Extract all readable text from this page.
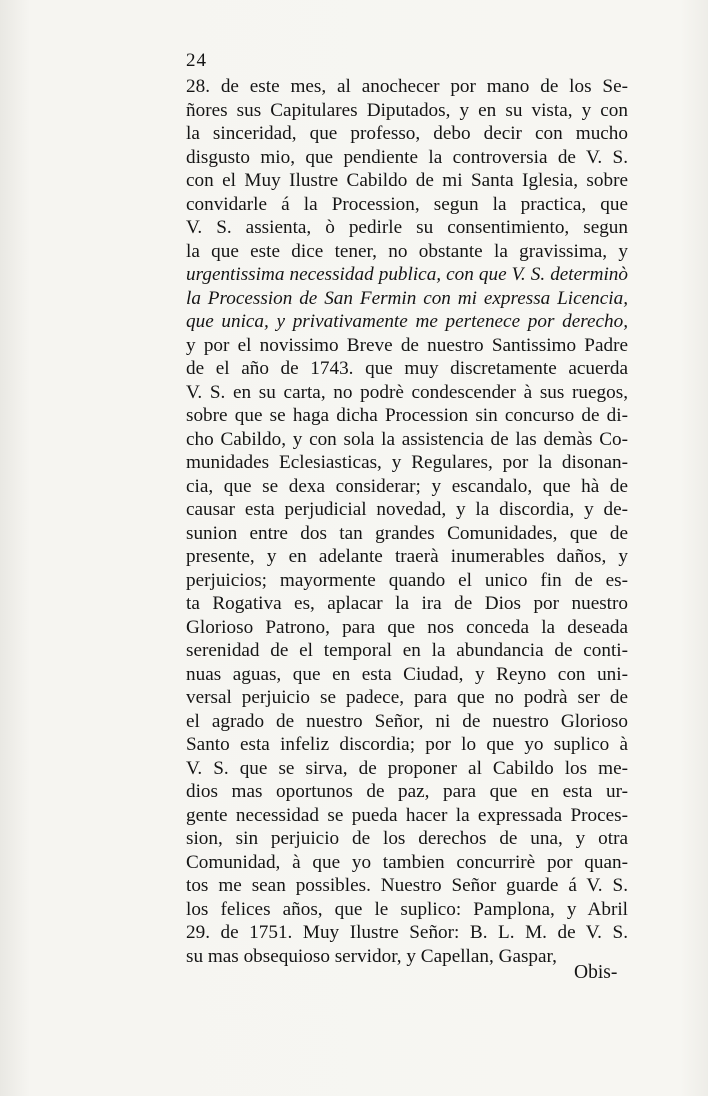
24
28. de este mes, al anochecer por mano de los Se-
ñores sus Capitulares Diputados, y en su vista, y con
la sinceridad, que professo, debo decir con mucho
disgusto mio, que pendiente la controversia de V. S.
con el Muy Ilustre Cabildo de mi Santa Iglesia, sobre
convidarle á la Procession, segun la practica, que
V. S. assienta, ò pedirle su consentimiento, segun
la que este dice tener, no obstante la gravissima, y
urgentissima necessidad publica, con que V. S. determinò
la Procession de San Fermin con mi expressa Licencia,
que unica, y privativamente me pertenece por derecho,
y por el novissimo Breve de nuestro Santissimo Padre
de el año de 1743. que muy discretamente acuerda
V. S. en su carta, no podrè condescender à sus ruegos,
sobre que se haga dicha Procession sin concurso de di-
cho Cabildo, y con sola la assistencia de las demàs Co-
munidades Eclesiasticas, y Regulares, por la disonan-
cia, que se dexa considerar; y escandalo, que hà de
causar esta perjudicial novedad, y la discordia, y de-
sunion entre dos tan grandes Comunidades, que de
presente, y en adelante traerà inumerables daños, y
perjuicios; mayormente quando el unico fin de es-
ta Rogativa es, aplacar la ira de Dios por nuestro
Glorioso Patrono, para que nos conceda la deseada
serenidad de el temporal en la abundancia de conti-
nuas aguas, que en esta Ciudad, y Reyno con uni-
versal perjuicio se padece, para que no podrà ser de
el agrado de nuestro Señor, ni de nuestro Glorioso
Santo esta infeliz discordia; por lo que yo suplico à
V. S. que se sirva, de proponer al Cabildo los me-
dios mas oportunos de paz, para que en esta ur-
gente necessidad se pueda hacer la expressada Proces-
sion, sin perjuicio de los derechos de una, y otra
Comunidad, à que yo tambien concurrirè por quan-
tos me sean possibles. Nuestro Señor guarde á V. S.
los felices años, que le suplico: Pamplona, y Abril
29. de 1751. Muy Ilustre Señor: B. L. M. de V. S.
su mas obsequioso servidor, y Capellan, Gaspar,
Obis-
